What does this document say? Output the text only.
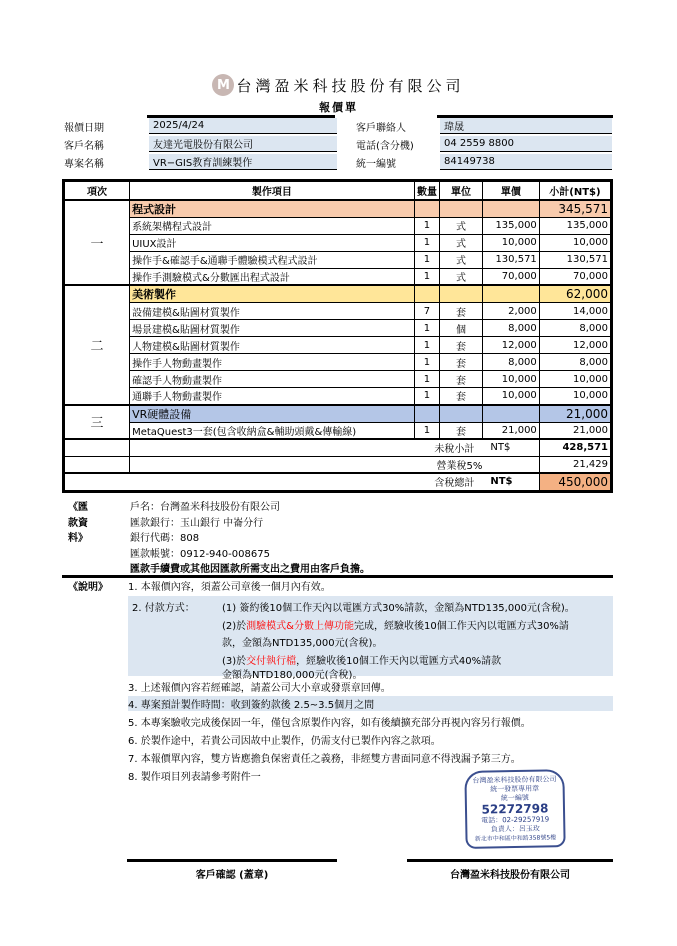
M 台灣盈米科技股份有限公司
報價單
報價日期	2025/4/24	客戶聯絡人	瑋晟
客戶名稱	友達光電股份有限公司	電話(含分機)	04 2559 8800
專案名稱	VR−GIS教育訓練製作	統一編號	84149738
項次	製作項目	數量	單位	單價	小計(NT$)
一	程式設計				345,571
	系統架構程式設計	1	式	135,000	135,000
	UIUX設計	1	式	10,000	10,000
	操作手&確認手&通聯手體驗模式程式設計	1	式	130,571	130,571
	操作手測驗模式&分數匯出程式設計	1	式	70,000	70,000
二	美術製作				62,000
	設備建模&貼圖材質製作	7	套	2,000	14,000
	場景建模&貼圖材質製作	1	個	8,000	8,000
	人物建模&貼圖材質製作	1	套	12,000	12,000
	操作手人物動畫製作	1	套	8,000	8,000
	確認手人物動畫製作	1	套	10,000	10,000
	通聯手人物動畫製作	1	套	10,000	10,000
三	VR硬體設備				21,000
	MetaQuest3一套(包含收納盒&輔助頭戴&傳輸線)	1	套	21,000	21,000
	未稅小計			NT$	428,571
	營業稅5%				21,429
含稅總計				NT$	450,000
《匯款資料》
戶名：台灣盈米科技股份有限公司
匯款銀行：玉山銀行 中崙分行
銀行代碼：808
匯款帳號：0912-940-008675
匯款手續費或其他因匯款所需支出之費用由客戶負擔。
《說明》 1. 本報價內容，須蓋公司章後一個月內有效。
2. 付款方式：	(1) 簽約後10個工作天內以電匯方式30%請款，金額為NTD135,000元(含稅)。
(2)於測驗模式&分數上傳功能完成，經驗收後10個工作天內以電匯方式30%請
款，金額為NTD135,000元(含稅)。
(3)於交付執行檔，經驗收後10個工作天內以電匯方式40%請款
金額為NTD180,000元(含稅)。
3. 上述報價內容若經確認，請蓋公司大小章或發票章回傳。
4. 專案預計製作時間：收到簽約款後 2.5~3.5個月之間
5. 本專案驗收完成後保固一年，僅包含原製作內容，如有後續擴充部分再視內容另行報價。
6. 於製作途中，若貴公司因故中止製作，仍需支付已製作內容之款項。
7. 本報價單內容，雙方皆應擔負保密責任之義務，非經雙方書面同意不得洩漏予第三方。
8. 製作項目列表請參考附件一	台灣盈米科技股份有限公司
統一發票專用章
統一編號
52272798
電話：02-29257919
負責人：呂玉玫
新北市中和區中和路358號5樓
客戶確認 (蓋章)	台灣盈米科技股份有限公司
